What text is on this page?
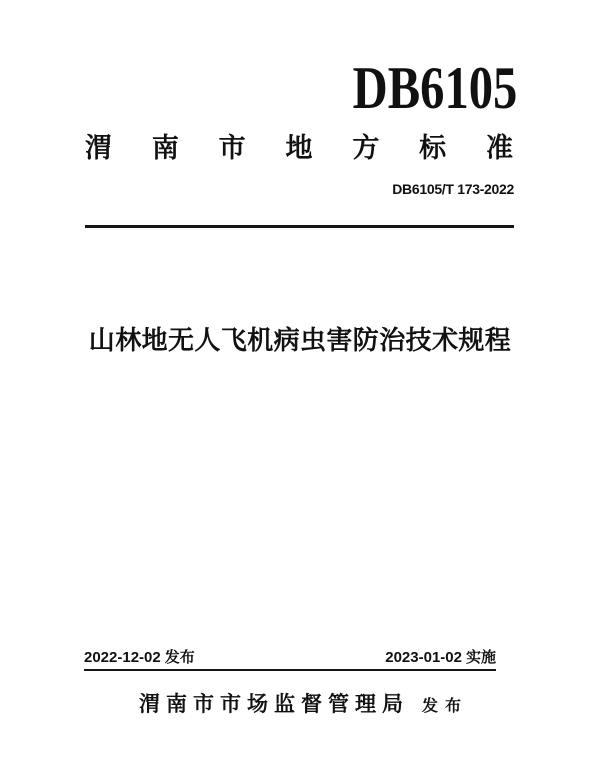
DB6105
渭 南 市 地 方 标 准
DB6105/T 173-2022
山林地无人飞机病虫害防治技术规程
2022-12-02 发布	2023-01-02 实施
渭南市市场监督管理局 发布
